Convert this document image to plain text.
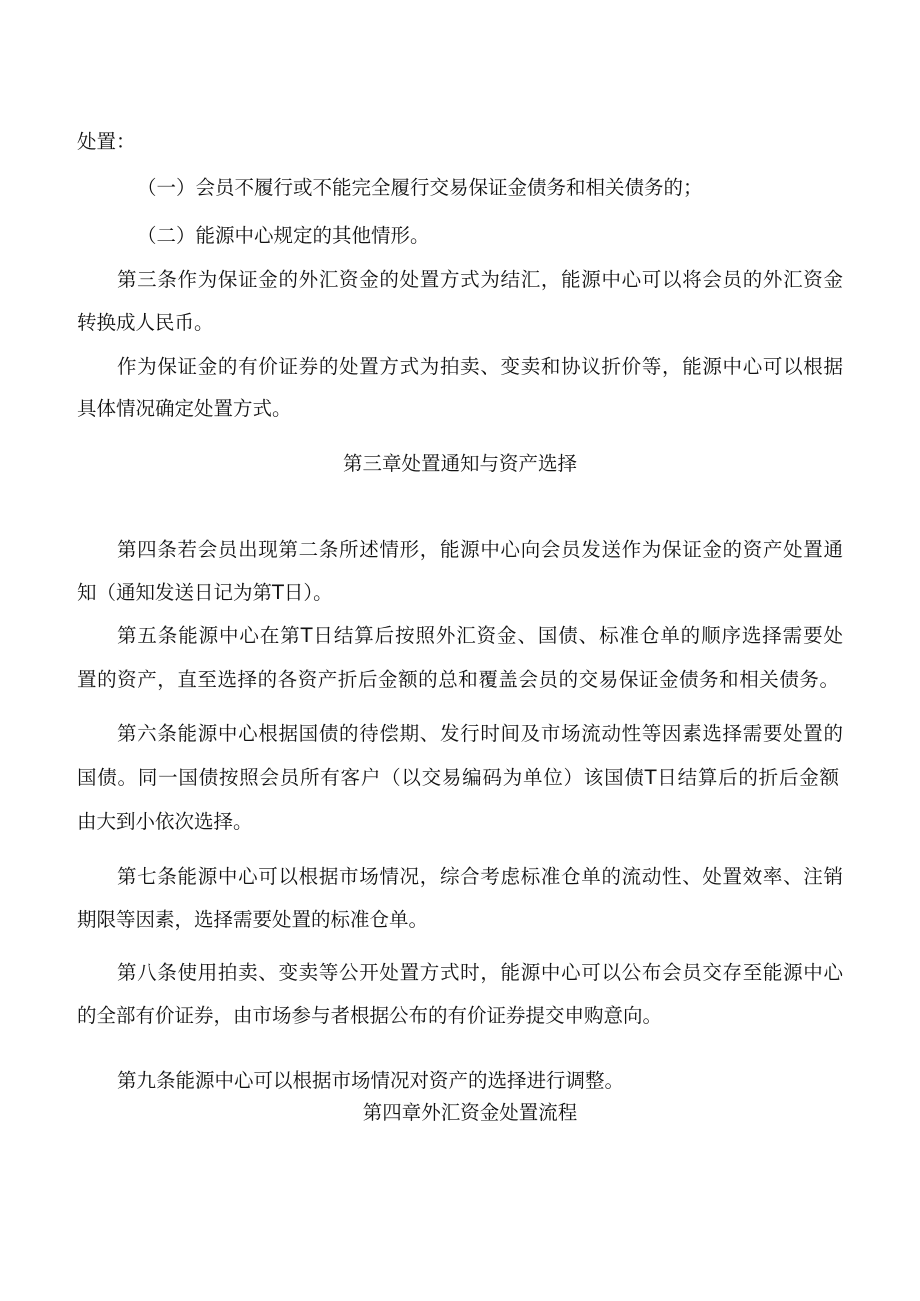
处置：

（一）会员不履行或不能完全履行交易保证金债务和相关债务的；

（二）能源中心规定的其他情形。

第三条作为保证金的外汇资金的处置方式为结汇，能源中心可以将会员的外汇资金

转换成人民币。

作为保证金的有价证券的处置方式为拍卖、变卖和协议折价等，能源中心可以根据

具体情况确定处置方式。

第三章处置通知与资产选择

第四条若会员出现第二条所述情形，能源中心向会员发送作为保证金的资产处置通

知（通知发送日记为第T日）。

第五条能源中心在第T日结算后按照外汇资金、国债、标准仓单的顺序选择需要处

置的资产，直至选择的各资产折后金额的总和覆盖会员的交易保证金债务和相关债务。

第六条能源中心根据国债的待偿期、发行时间及市场流动性等因素选择需要处置的

国债。同一国债按照会员所有客户（以交易编码为单位）该国债T日结算后的折后金额

由大到小依次选择。

第七条能源中心可以根据市场情况，综合考虑标准仓单的流动性、处置效率、注销

期限等因素，选择需要处置的标准仓单。

第八条使用拍卖、变卖等公开处置方式时，能源中心可以公布会员交存至能源中心

的全部有价证券，由市场参与者根据公布的有价证券提交申购意向。

第九条能源中心可以根据市场情况对资产的选择进行调整。

第四章外汇资金处置流程
